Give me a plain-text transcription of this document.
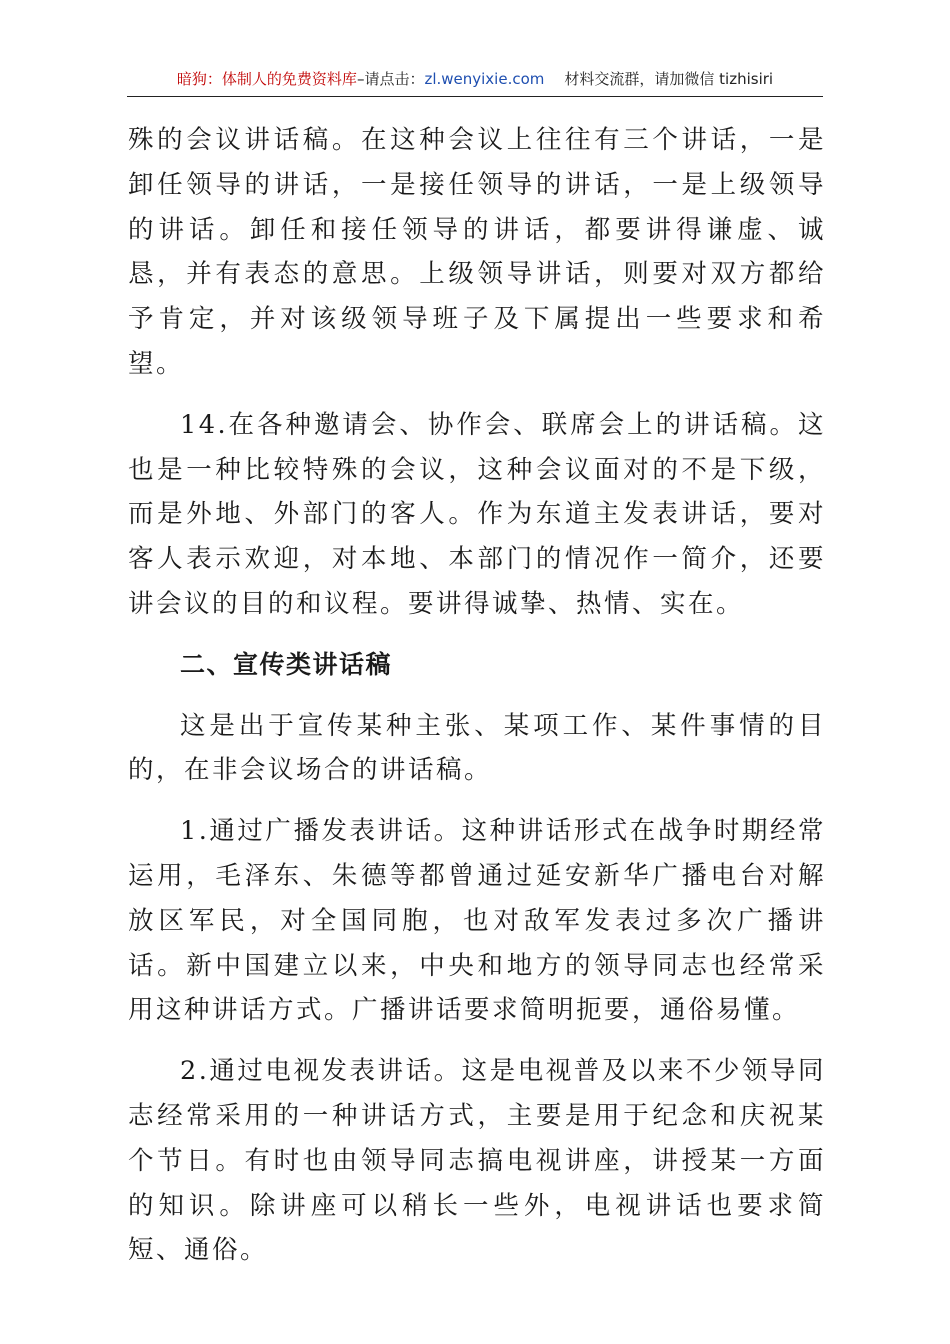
暗狗：体制人的免费资料库–请点击：zl.wenyixie.com 材料交流群，请加微信 tizhisiri

殊的会议讲话稿。在这种会议上往往有三个讲话，一是卸任领导的讲话，一是接任领导的讲话，一是上级领导的讲话。卸任和接任领导的讲话，都要讲得谦虚、诚恳，并有表态的意思。上级领导讲话，则要对双方都给予肯定，并对该级领导班子及下属提出一些要求和希望。

14.在各种邀请会、协作会、联席会上的讲话稿。这也是一种比较特殊的会议，这种会议面对的不是下级，而是外地、外部门的客人。作为东道主发表讲话，要对客人表示欢迎，对本地、本部门的情况作一简介，还要讲会议的目的和议程。要讲得诚挚、热情、实在。

二、宣传类讲话稿

这是出于宣传某种主张、某项工作、某件事情的目的，在非会议场合的讲话稿。

1.通过广播发表讲话。这种讲话形式在战争时期经常运用，毛泽东、朱德等都曾通过延安新华广播电台对解放区军民，对全国同胞，也对敌军发表过多次广播讲话。新中国建立以来，中央和地方的领导同志也经常采用这种讲话方式。广播讲话要求简明扼要，通俗易懂。

2.通过电视发表讲话。这是电视普及以来不少领导同志经常采用的一种讲话方式，主要是用于纪念和庆祝某个节日。有时也由领导同志搞电视讲座，讲授某一方面的知识。除讲座可以稍长一些外，电视讲话也要求简短、通俗。
